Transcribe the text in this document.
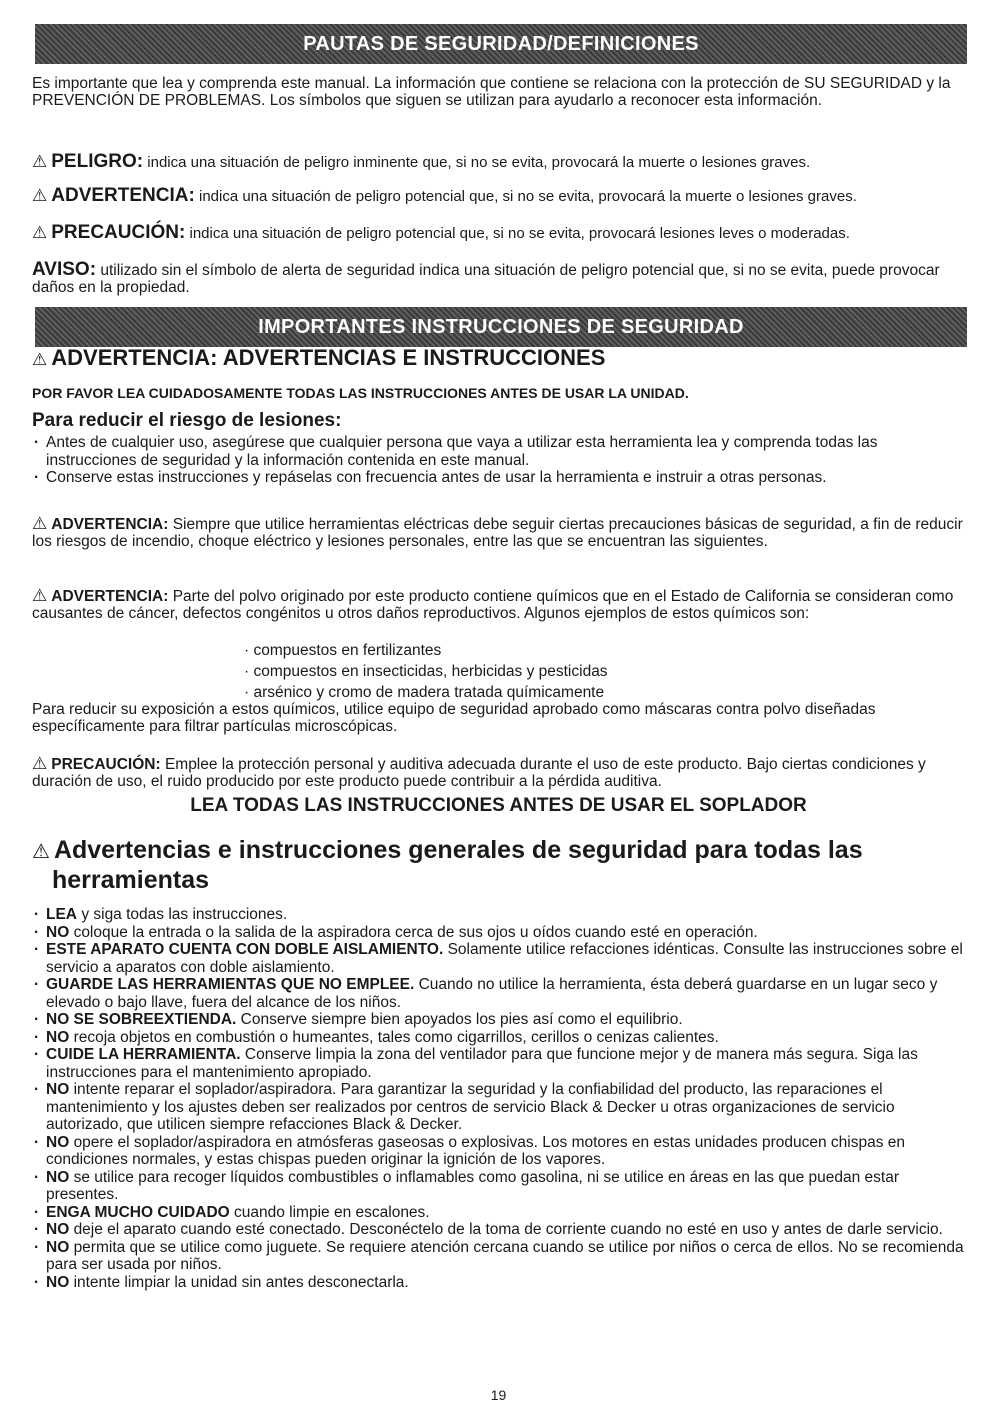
PAUTAS DE SEGURIDAD/DEFINICIONES

Es importante que lea y comprenda este manual. La información que contiene se relaciona con la protección de SU SEGURIDAD y la PREVENCIÓN DE PROBLEMAS. Los símbolos que siguen se utilizan para ayudarlo a reconocer esta información.

⚠ PELIGRO: indica una situación de peligro inminente que, si no se evita, provocará la muerte o lesiones graves.

⚠ ADVERTENCIA: indica una situación de peligro potencial que, si no se evita, provocará la muerte o lesiones graves.

⚠ PRECAUCIÓN: indica una situación de peligro potencial que, si no se evita, provocará lesiones leves o moderadas.

AVISO: utilizado sin el símbolo de alerta de seguridad indica una situación de peligro potencial que, si no se evita, puede provocar daños en la propiedad.

IMPORTANTES INSTRUCCIONES DE SEGURIDAD

⚠ ADVERTENCIA: ADVERTENCIAS E INSTRUCCIONES

POR FAVOR LEA CUIDADOSAMENTE TODAS LAS INSTRUCCIONES ANTES DE USAR LA UNIDAD.

Para reducir el riesgo de lesiones:

· Antes de cualquier uso, asegúrese que cualquier persona que vaya a utilizar esta herramienta lea y comprenda todas las instrucciones de seguridad y la información contenida en este manual.
· Conserve estas instrucciones y repáselas con frecuencia antes de usar la herramienta e instruir a otras personas.

⚠ ADVERTENCIA: Siempre que utilice herramientas eléctricas debe seguir ciertas precauciones básicas de seguridad, a fin de reducir los riesgos de incendio, choque eléctrico y lesiones personales, entre las que se encuentran las siguientes.

⚠ ADVERTENCIA: Parte del polvo originado por este producto contiene químicos que en el Estado de California se consideran como causantes de cáncer, defectos congénitos u otros daños reproductivos. Algunos ejemplos de estos químicos son:

· compuestos en fertilizantes
· compuestos en insecticidas, herbicidas y pesticidas
· arsénico y cromo de madera tratada químicamente

Para reducir su exposición a estos químicos, utilice equipo de seguridad aprobado como máscaras contra polvo diseñadas específicamente para filtrar partículas microscópicas.

⚠ PRECAUCIÓN: Emplee la protección personal y auditiva adecuada durante el uso de este producto. Bajo ciertas condiciones y duración de uso, el ruido producido por este producto puede contribuir a la pérdida auditiva.

LEA TODAS LAS INSTRUCCIONES ANTES DE USAR EL SOPLADOR

⚠ Advertencias e instrucciones generales de seguridad para todas las
herramientas

· LEA y siga todas las instrucciones.
· NO coloque la entrada o la salida de la aspiradora cerca de sus ojos u oídos cuando esté en operación.
· ESTE APARATO CUENTA CON DOBLE AISLAMIENTO. Solamente utilice refacciones idénticas. Consulte las instrucciones sobre el servicio a aparatos con doble aislamiento.
· GUARDE LAS HERRAMIENTAS QUE NO EMPLEE. Cuando no utilice la herramienta, ésta deberá guardarse en un lugar seco y elevado o bajo llave, fuera del alcance de los niños.
· NO SE SOBREEXTIENDA. Conserve siempre bien apoyados los pies así como el equilibrio.
· NO recoja objetos en combustión o humeantes, tales como cigarrillos, cerillos o cenizas calientes.
· CUIDE LA HERRAMIENTA. Conserve limpia la zona del ventilador para que funcione mejor y de manera más segura. Siga las instrucciones para el mantenimiento apropiado.
· NO intente reparar el soplador/aspiradora. Para garantizar la seguridad y la confiabilidad del producto, las reparaciones el mantenimiento y los ajustes deben ser realizados por centros de servicio Black & Decker u otras organizaciones de servicio autorizado, que utilicen siempre refacciones Black & Decker.
· NO opere el soplador/aspiradora en atmósferas gaseosas o explosivas. Los motores en estas unidades producen chispas en condiciones normales, y estas chispas pueden originar la ignición de los vapores.
· NO se utilice para recoger líquidos combustibles o inflamables como gasolina, ni se utilice en áreas en las que puedan estar presentes.
· ENGA MUCHO CUIDADO cuando limpie en escalones.
· NO deje el aparato cuando esté conectado. Desconéctelo de la toma de corriente cuando no esté en uso y antes de darle servicio.
· NO permita que se utilice como juguete. Se requiere atención cercana cuando se utilice por niños o cerca de ellos. No se recomienda para ser usada por niños.
· NO intente limpiar la unidad sin antes desconectarla.
19
